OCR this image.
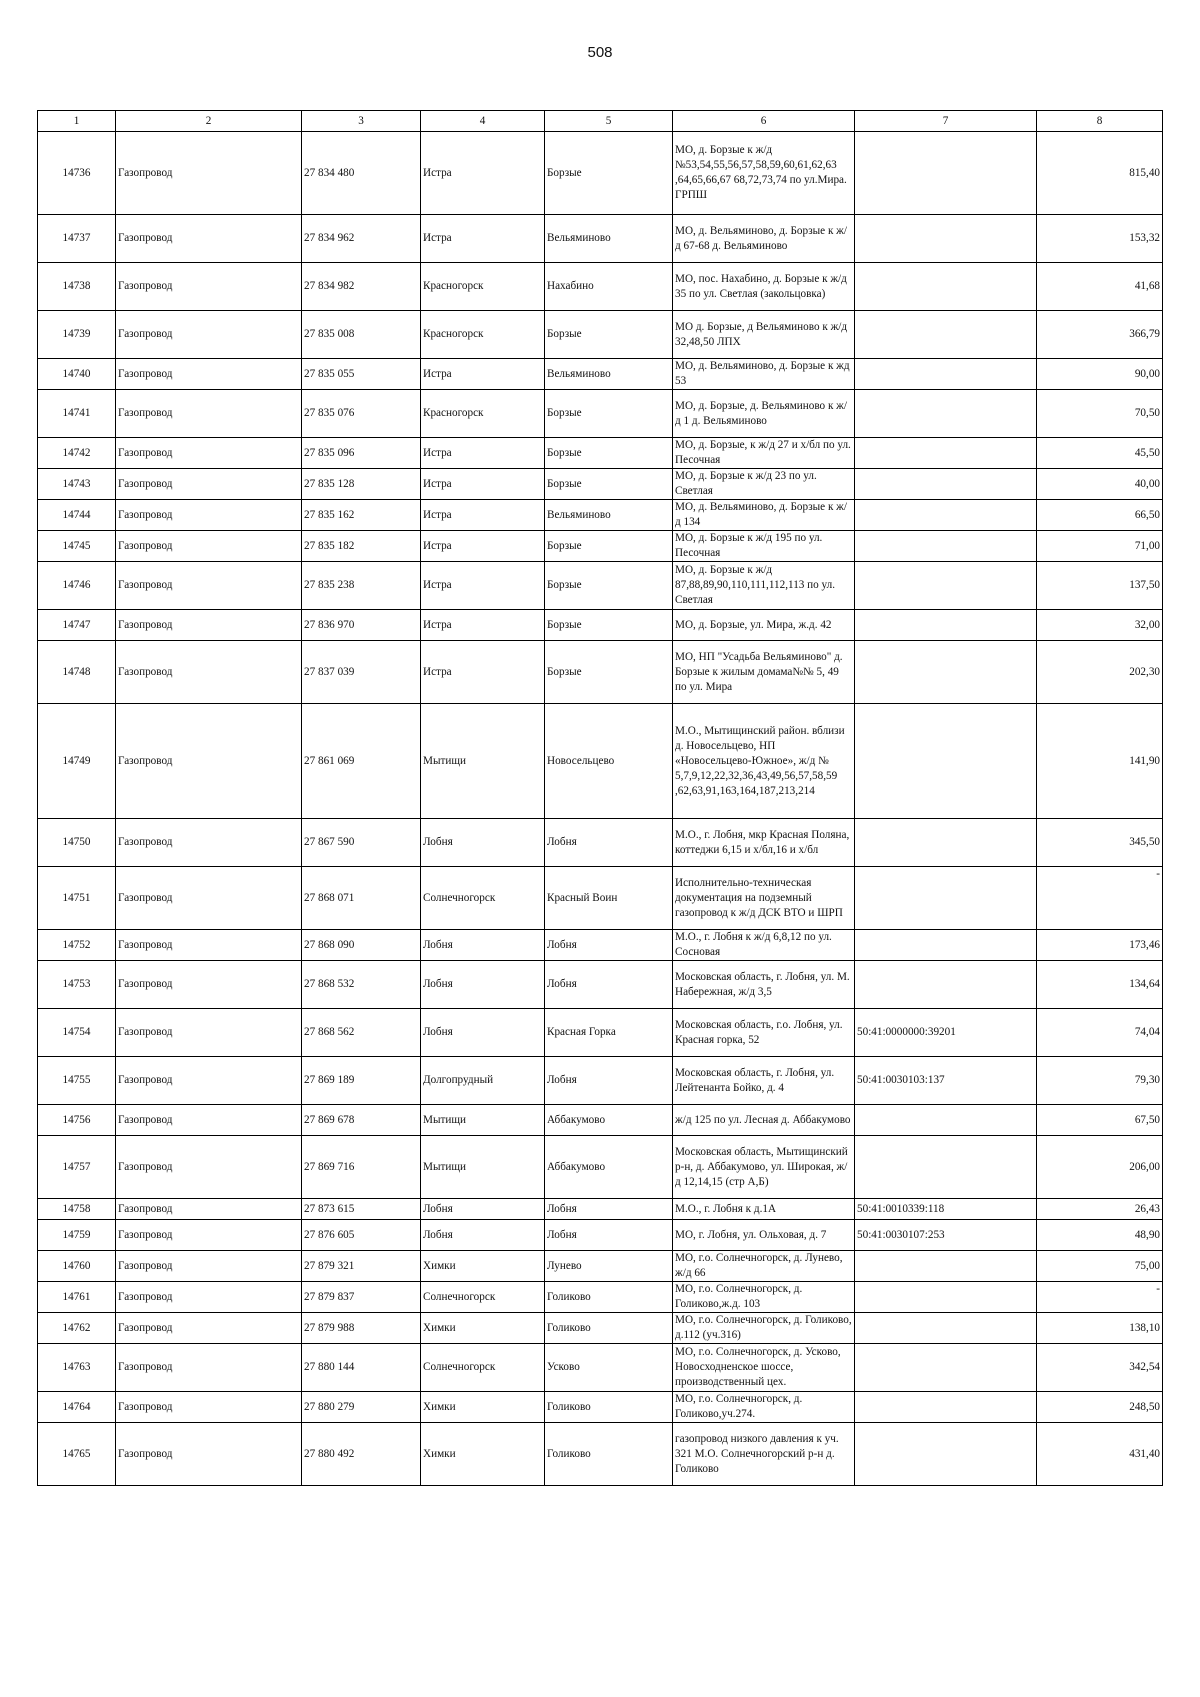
508
1	2	3	4	5	6	7	8
14736	Газопровод	27 834 480	Истра	Борзые	МО, д. Борзые к ж/д №53,54,55,56,57,58,59,60,61,62,63 ,64,65,66,67 68,72,73,74 по ул.Мира. ГРПШ		815,40
14737	Газопровод	27 834 962	Истра	Вельяминово	МО, д. Вельяминово, д. Борзые к ж/д 67-68 д. Вельяминово		153,32
14738	Газопровод	27 834 982	Красногорск	Нахабино	МО, пос. Нахабино, д. Борзые к ж/д 35 по ул. Светлая (закольцовка)		41,68
14739	Газопровод	27 835 008	Красногорск	Борзые	МО д. Борзые, д Вельяминово к ж/д 32,48,50 ЛПХ		366,79
14740	Газопровод	27 835 055	Истра	Вельяминово	МО, д. Вельяминово, д. Борзые к жд 53		90,00
14741	Газопровод	27 835 076	Красногорск	Борзые	МО, д. Борзые, д. Вельяминово к ж/д 1 д. Вельяминово		70,50
14742	Газопровод	27 835 096	Истра	Борзые	МО, д. Борзые, к ж/д 27 и х/бл по ул. Песочная		45,50
14743	Газопровод	27 835 128	Истра	Борзые	МО, д. Борзые к ж/д 23 по ул. Светлая		40,00
14744	Газопровод	27 835 162	Истра	Вельяминово	МО, д. Вельяминово, д. Борзые к ж/д 134		66,50
14745	Газопровод	27 835 182	Истра	Борзые	МО, д. Борзые к ж/д 195 по ул. Песочная		71,00
14746	Газопровод	27 835 238	Истра	Борзые	МО, д. Борзые к ж/д 87,88,89,90,110,111,112,113 по ул. Светлая		137,50
14747	Газопровод	27 836 970	Истра	Борзые	МО, д. Борзые, ул. Мира, ж.д. 42		32,00
14748	Газопровод	27 837 039	Истра	Борзые	МО, НП "Усадьба Вельяминово" д. Борзые к жилым домама№№ 5, 49 по ул. Мира		202,30
14749	Газопровод	27 861 069	Мытищи	Новосельцево	М.О., Мытищинский район. вблизи д. Новосельцево, НП «Новосельцево-Южное», ж/д № 5,7,9,12,22,32,36,43,49,56,57,58,59 ,62,63,91,163,164,187,213,214		141,90
14750	Газопровод	27 867 590	Лобня	Лобня	М.О., г. Лобня, мкр Красная Поляна, коттеджи 6,15 и х/бл,16 и х/бл		345,50
14751	Газопровод	27 868 071	Солнечногорск	Красный Воин	Исполнительно-техническая документация на подземный газопровод к ж/д ДСК ВТО и ШРП		-
14752	Газопровод	27 868 090	Лобня	Лобня	М.О., г. Лобня к ж/д 6,8,12 по ул. Сосновая		173,46
14753	Газопровод	27 868 532	Лобня	Лобня	Московская область, г. Лобня, ул. М. Набережная, ж/д 3,5		134,64
14754	Газопровод	27 868 562	Лобня	Красная Горка	Московская область, г.о. Лобня, ул. Красная горка, 52	50:41:0000000:39201	74,04
14755	Газопровод	27 869 189	Долгопрудный	Лобня	Московская область, г. Лобня, ул. Лейтенанта Бойко, д. 4	50:41:0030103:137	79,30
14756	Газопровод	27 869 678	Мытищи	Аббакумово	ж/д 125 по ул. Лесная д. Аббакумово		67,50
14757	Газопровод	27 869 716	Мытищи	Аббакумово	Московская область, Мытищинский р-н, д. Аббакумово, ул. Широкая, ж/д 12,14,15 (стр А,Б)		206,00
14758	Газопровод	27 873 615	Лобня	Лобня	М.О., г. Лобня к д.1А	50:41:0010339:118	26,43
14759	Газопровод	27 876 605	Лобня	Лобня	МО, г. Лобня, ул. Ольховая, д. 7	50:41:0030107:253	48,90
14760	Газопровод	27 879 321	Химки	Лунево	МО, г.о. Солнечногорск, д. Лунево, ж/д 66		75,00
14761	Газопровод	27 879 837	Солнечногорск	Голиково	МО, г.о. Солнечногорск, д. Голиково,ж.д. 103		-
14762	Газопровод	27 879 988	Химки	Голиково	МО, г.о. Солнечногорск, д. Голиково, д.112 (уч.316)		138,10
14763	Газопровод	27 880 144	Солнечногорск	Усково	МО, г.о. Солнечногорск, д. Усково, Новосходненское шоссе, производственный цех.		342,54
14764	Газопровод	27 880 279	Химки	Голиково	МО, г.о. Солнечногорск, д. Голиково,уч.274.		248,50
14765	Газопровод	27 880 492	Химки	Голиково	газопровод низкого давления к уч. 321 М.О. Солнечногорский р-н д. Голиково		431,40
